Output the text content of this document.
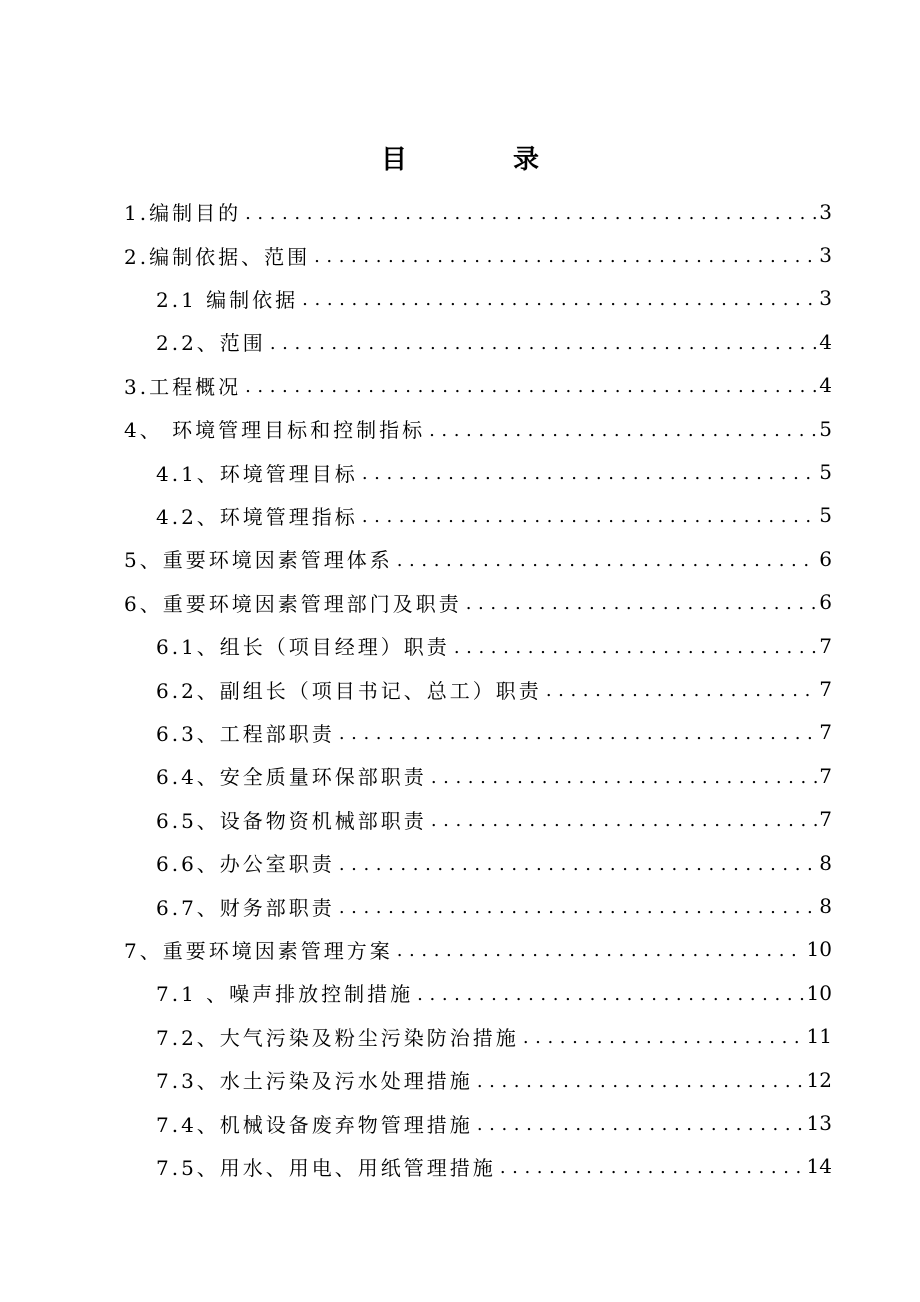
目　录
1.编制目的 .....	3
2.编制依据、范围 .....	3
2.1 编制依据 .....	3
2.2、范围 .....	4
3.工程概况 .....	4
4、 环境管理目标和控制指标 .....	5
4.1、环境管理目标 .....	5
4.2、环境管理指标 .....	5
5、重要环境因素管理体系 .....	6
6、重要环境因素管理部门及职责 .....	6
6.1、组长（项目经理）职责 .....	7
6.2、副组长（项目书记、总工）职责 .....	7
6.3、工程部职责 .....	7
6.4、安全质量环保部职责 .....	7
6.5、设备物资机械部职责 .....	7
6.6、办公室职责 .....	8
6.7、财务部职责 .....	8
7、重要环境因素管理方案 .....	10
7.1 、噪声排放控制措施 .....	10
7.2、大气污染及粉尘污染防治措施 .....	11
7.3、水土污染及污水处理措施 .....	12
7.4、机械设备废弃物管理措施 .....	13
7.5、用水、用电、用纸管理措施 .....	14
